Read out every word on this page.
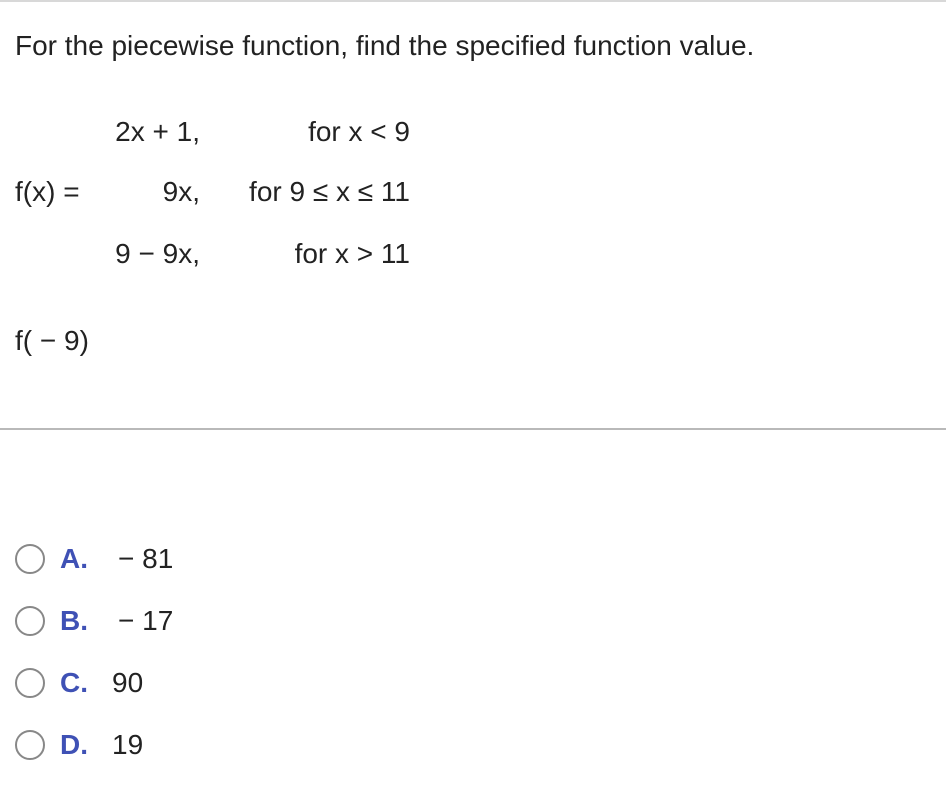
For the piecewise function, find the specified function value.
f(x) =
2x + 1,	for x < 9
9x, for 9 ≤ x ≤ 11
9 − 9x,	for x > 11
f( − 9)
A.	− 81
B.	− 17
C. 90
D. 19
